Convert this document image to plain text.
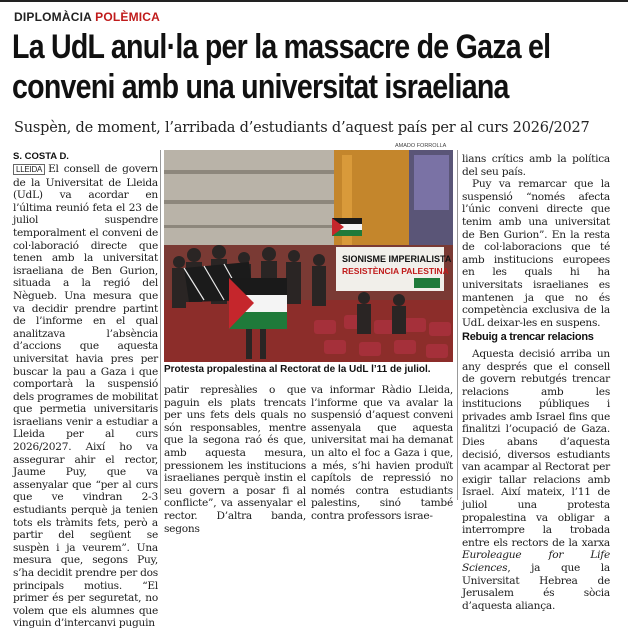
DIPLOMÀCIA POLÈMICA
La UdL anul·la per la massacre de Gaza el
conveni amb una universitat israeliana
Suspèn, de moment, l’arribada d’estudiants d’aquest país per al curs 2026/2027
S. COSTA D.

LLEIDA El consell de govern de la Universitat de Lleida (UdL) va acordar en l’última reunió feta el 23 de juliol suspendre temporalment el conveni de col·laboració directe que tenen amb la universitat israeliana de Ben Gurion, situada a la regió del Nègueb. Una mesura que va decidir prendre partint de l’informe en el qual analitzava l’absència d’accions que aquesta universitat havia pres per buscar la pau a Gaza i que comportarà la suspensió dels programes de mobilitat que permetia universitaris israelians venir a estudiar a Lleida per al curs 2026/2027. Així ho va assegurar ahir el rector, Jaume Puy, que va assenyalar que “per al curs que ve vindran 2-3 estudiants perquè ja tenien tots els tràmits fets, però a partir del següent se suspèn i ja veurem”. Una mesura que, segons Puy, s’ha decidit prendre per dos principals motius. “El primer és per seguretat, no volem que els alumnes que vinguin d’intercanvi puguin

AMADO FORROLLA
SIONISME IMPERIALISTA
RESISTÈNCIA PALESTINA
Protesta propalestina al Rectorat de la UdL l’11 de juliol.

patir represàlies o que paguin els plats trencats per uns fets dels quals no són responsables, mentre que la segona raó és que, amb aquesta mesura, pressionem les institucions israelianes perquè instin el seu govern a posar fi al conflicte”, va assenyalar el rector. D’altra banda, segons

va informar Ràdio Lleida, l’informe que va avalar la suspensió d’aquest conveni assenyala que aquesta universitat mai ha demanat un alto el foc a Gaza i que, a més, s’hi havien produït capítols de repressió no només contra estudiants palestins, sinó també contra professors israe-

lians crítics amb la política del seu país.

Puy va remarcar que la suspensió “només afecta l’únic conveni directe que tenim amb una universitat de Ben Gurion”. En la resta de col·laboracions que té amb institucions europees en les quals hi ha universitats israelianes es mantenen ja que no és competència exclusiva de la UdL deixar-les en suspens.

Rebuig a trencar relacions

Aquesta decisió arriba un any després que el consell de govern rebutgés trencar relacions amb les institucions públiques i privades amb Israel fins que finalitzi l’ocupació de Gaza. Dies abans d’aquesta decisió, diversos estudiants van acampar al Rectorat per exigir tallar relacions amb Israel. Així mateix, l’11 de juliol una protesta propalestina va obligar a interrompre la trobada entre els rectors de la xarxa Euroleague for Life Sciences, ja que la Universitat Hebrea de Jerusalem és sòcia d’aquesta aliança.
